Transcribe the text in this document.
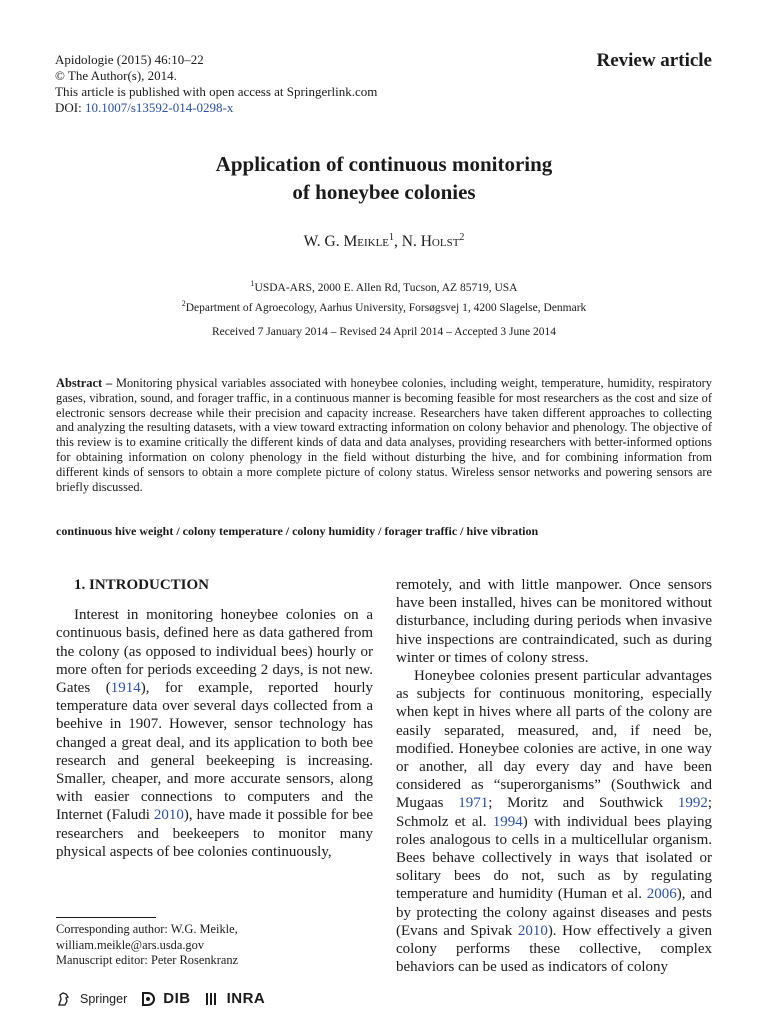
Apidologie (2015) 46:10–22
© The Author(s), 2014.
This article is published with open access at Springerlink.com
DOI: 10.1007/s13592-014-0298-x
Review article
Application of continuous monitoring
of honeybee colonies
W. G. Meikle$^1$, N. Holst$^2$
$^1$USDA-ARS, 2000 E. Allen Rd, Tucson, AZ 85719, USA
$^2$Department of Agroecology, Aarhus University, Forsøgsvej 1, 4200 Slagelse, Denmark
Received 7 January 2014 – Revised 24 April 2014 – Accepted 3 June 2014
Abstract – Monitoring physical variables associated with honeybee colonies, including weight, temperature, humidity, respiratory gases, vibration, sound, and forager traffic, in a continuous manner is becoming feasible for most researchers as the cost and size of electronic sensors decrease while their precision and capacity increase. Researchers have taken different approaches to collecting and analyzing the resulting datasets, with a view toward extracting information on colony behavior and phenology. The objective of this review is to examine critically the different kinds of data and data analyses, providing researchers with better-informed options for obtaining information on colony phenology in the field without disturbing the hive, and for combining information from different kinds of sensors to obtain a more complete picture of colony status. Wireless sensor networks and powering sensors are briefly discussed.
continuous hive weight / colony temperature / colony humidity / forager traffic / hive vibration
1. INTRODUCTION

Interest in monitoring honeybee colonies on a continuous basis, defined here as data gathered from the colony (as opposed to individual bees) hourly or more often for periods exceeding 2 days, is not new. Gates (1914), for example, reported hourly temperature data over several days collected from a beehive in 1907. However, sensor technology has changed a great deal, and its application to both bee research and general beekeeping is increasing. Smaller, cheaper, and more accurate sensors, along with easier connections to computers and the Internet (Faludi 2010), have made it possible for bee researchers and beekeepers to monitor many physical aspects of bee colonies continuously,

remotely, and with little manpower. Once sensors have been installed, hives can be monitored without disturbance, including during periods when invasive hive inspections are contraindicated, such as during winter or times of colony stress.

Honeybee colonies present particular advantages as subjects for continuous monitoring, especially when kept in hives where all parts of the colony are easily separated, measured, and, if need be, modified. Honeybee colonies are active, in one way or another, all day every day and have been considered as “superorganisms” (Southwick and Mugaas 1971; Moritz and Southwick 1992; Schmolz et al. 1994) with individual bees playing roles analogous to cells in a multicellular organism. Bees behave collectively in ways that isolated or solitary bees do not, such as by regulating temperature and humidity (Human et al. 2006), and by protecting the colony against diseases and pests (Evans and Spivak 2010). How effectively a given colony performs these collective, complex behaviors can be used as indicators of colony

Corresponding author: W.G. Meikle,
william.meikle@ars.usda.gov
Manuscript editor: Peter Rosenkranz
Springer DIB INRA
